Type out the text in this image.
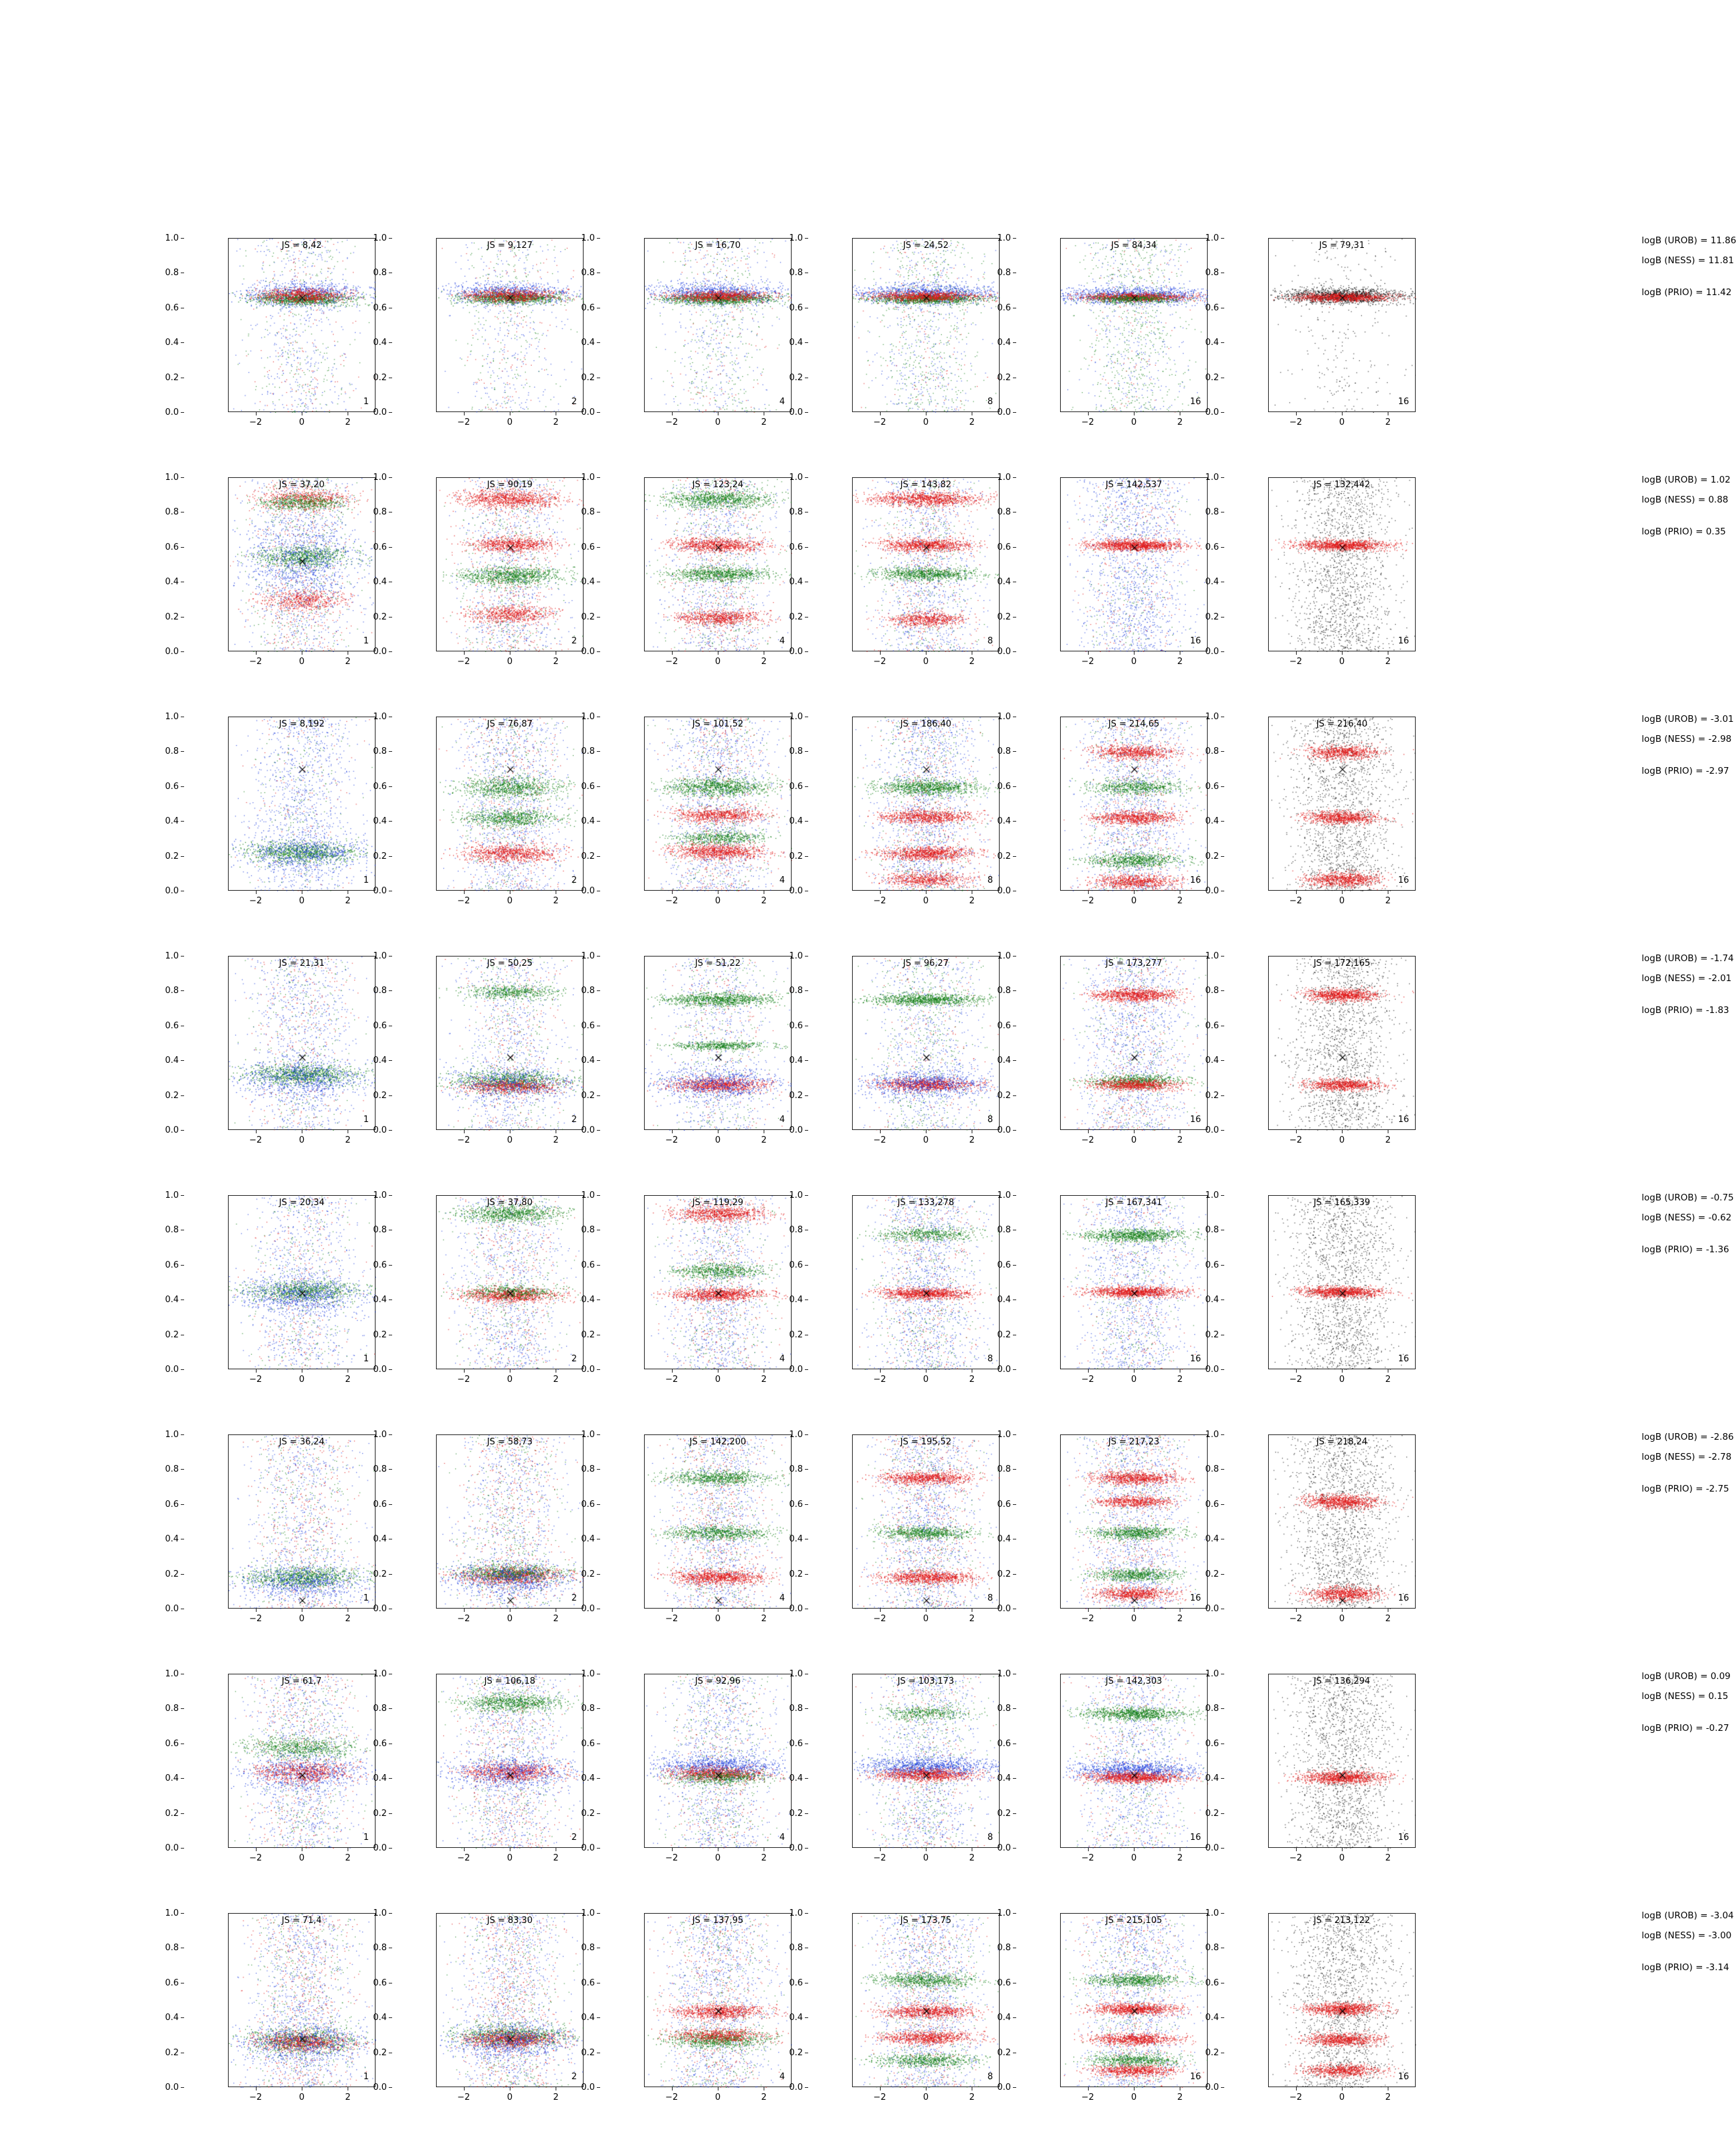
logB (UROB) = 11.86
logB (NESS) = 11.81
logB (PRIO) = 11.42
0.0
0.2
0.4
0.6
0.8
1.0
−2	0	2
JS = 8,42
1
0.0
0.2
0.4
0.6
0.8
1.0
−2	0	2
JS = 9,127
2
0.0
0.2
0.4
0.6
0.8
1.0
−2	0	2
JS = 16,70
4
0.0
0.2
0.4
0.6
0.8
1.0
−2	0	2
JS = 24,52
8
0.0
0.2
0.4
0.6
0.8
1.0
−2	0	2
JS = 84,34
16
0.0
0.2
0.4
0.6
0.8
1.0
−2	0	2
JS = 79,31
16
logB (UROB) = 1.02
logB (NESS) = 0.88
logB (PRIO) = 0.35
0.0
0.2
0.4
0.6
0.8
1.0
−2	0	2
JS = 37,20
1
0.0
0.2
0.4
0.6
0.8
1.0
−2	0	2
JS = 90,19
2
0.0
0.2
0.4
0.6
0.8
1.0
−2	0	2
JS = 123,24
4
0.0
0.2
0.4
0.6
0.8
1.0
−2	0	2
JS = 143,82
8
0.0
0.2
0.4
0.6
0.8
1.0
−2	0	2
JS = 142,537
16
0.0
0.2
0.4
0.6
0.8
1.0
−2	0	2
JS = 132,442
16
logB (UROB) = -3.01
logB (NESS) = -2.98
logB (PRIO) = -2.97
0.0
0.2
0.4
0.6
0.8
1.0
−2	0	2
JS = 8,192
1
0.0
0.2
0.4
0.6
0.8
1.0
−2	0	2
JS = 76,87
2
0.0
0.2
0.4
0.6
0.8
1.0
−2	0	2
JS = 101,52
4
0.0
0.2
0.4
0.6
0.8
1.0
−2	0	2
JS = 186,40
8
0.0
0.2
0.4
0.6
0.8
1.0
−2	0	2
JS = 214,65
16
0.0
0.2
0.4
0.6
0.8
1.0
−2	0	2
JS = 216,40
16
logB (UROB) = -1.74
logB (NESS) = -2.01
logB (PRIO) = -1.83
0.0
0.2
0.4
0.6
0.8
1.0
−2	0	2
JS = 21,31
1
0.0
0.2
0.4
0.6
0.8
1.0
−2	0	2
JS = 50,25
2
0.0
0.2
0.4
0.6
0.8
1.0
−2	0	2
JS = 51,22
4
0.0
0.2
0.4
0.6
0.8
1.0
−2	0	2
JS = 96,27
8
0.0
0.2
0.4
0.6
0.8
1.0
−2	0	2
JS = 173,277
16
0.0
0.2
0.4
0.6
0.8
1.0
−2	0	2
JS = 172,165
16
logB (UROB) = -0.75
logB (NESS) = -0.62
logB (PRIO) = -1.36
0.0
0.2
0.4
0.6
0.8
1.0
−2	0	2
JS = 20,34
1
0.0
0.2
0.4
0.6
0.8
1.0
−2	0	2
JS = 37,80
2
0.0
0.2
0.4
0.6
0.8
1.0
−2	0	2
JS = 119,29
4
0.0
0.2
0.4
0.6
0.8
1.0
−2	0	2
JS = 133,278
8
0.0
0.2
0.4
0.6
0.8
1.0
−2	0	2
JS = 167,341
16
0.0
0.2
0.4
0.6
0.8
1.0
−2	0	2
JS = 165,339
16
logB (UROB) = -2.86
logB (NESS) = -2.78
logB (PRIO) = -2.75
0.0
0.2
0.4
0.6
0.8
1.0
−2	0	2
JS = 36,24
1
0.0
0.2
0.4
0.6
0.8
1.0
−2	0	2
JS = 58,73
2
0.0
0.2
0.4
0.6
0.8
1.0
−2	0	2
JS = 142,200
4
0.0
0.2
0.4
0.6
0.8
1.0
−2	0	2
JS = 195,52
8
0.0
0.2
0.4
0.6
0.8
1.0
−2	0	2
JS = 217,23
16
0.0
0.2
0.4
0.6
0.8
1.0
−2	0	2
JS = 218,24
16
logB (UROB) = 0.09
logB (NESS) = 0.15
logB (PRIO) = -0.27
0.0
0.2
0.4
0.6
0.8
1.0
−2	0	2
JS = 61,7
1
0.0
0.2
0.4
0.6
0.8
1.0
−2	0	2
JS = 106,18
2
0.0
0.2
0.4
0.6
0.8
1.0
−2	0	2
JS = 92,96
4
0.0
0.2
0.4
0.6
0.8
1.0
−2	0	2
JS = 103,173
8
0.0
0.2
0.4
0.6
0.8
1.0
−2	0	2
JS = 142,303
16
0.0
0.2
0.4
0.6
0.8
1.0
−2	0	2
JS = 136,294
16
logB (UROB) = -3.04
logB (NESS) = -3.00
logB (PRIO) = -3.14
0.0
0.2
0.4
0.6
0.8
1.0
−2	0	2
JS = 71,4
1
0.0
0.2
0.4
0.6
0.8
1.0
−2	0	2
JS = 83,30
2
0.0
0.2
0.4
0.6
0.8
1.0
−2	0	2
JS = 137,95
4
0.0
0.2
0.4
0.6
0.8
1.0
−2	0	2
JS = 173,75
8
0.0
0.2
0.4
0.6
0.8
1.0
−2	0	2
JS = 215,105
16
0.0
0.2
0.4
0.6
0.8
1.0
−2	0	2
JS = 213,122
16
